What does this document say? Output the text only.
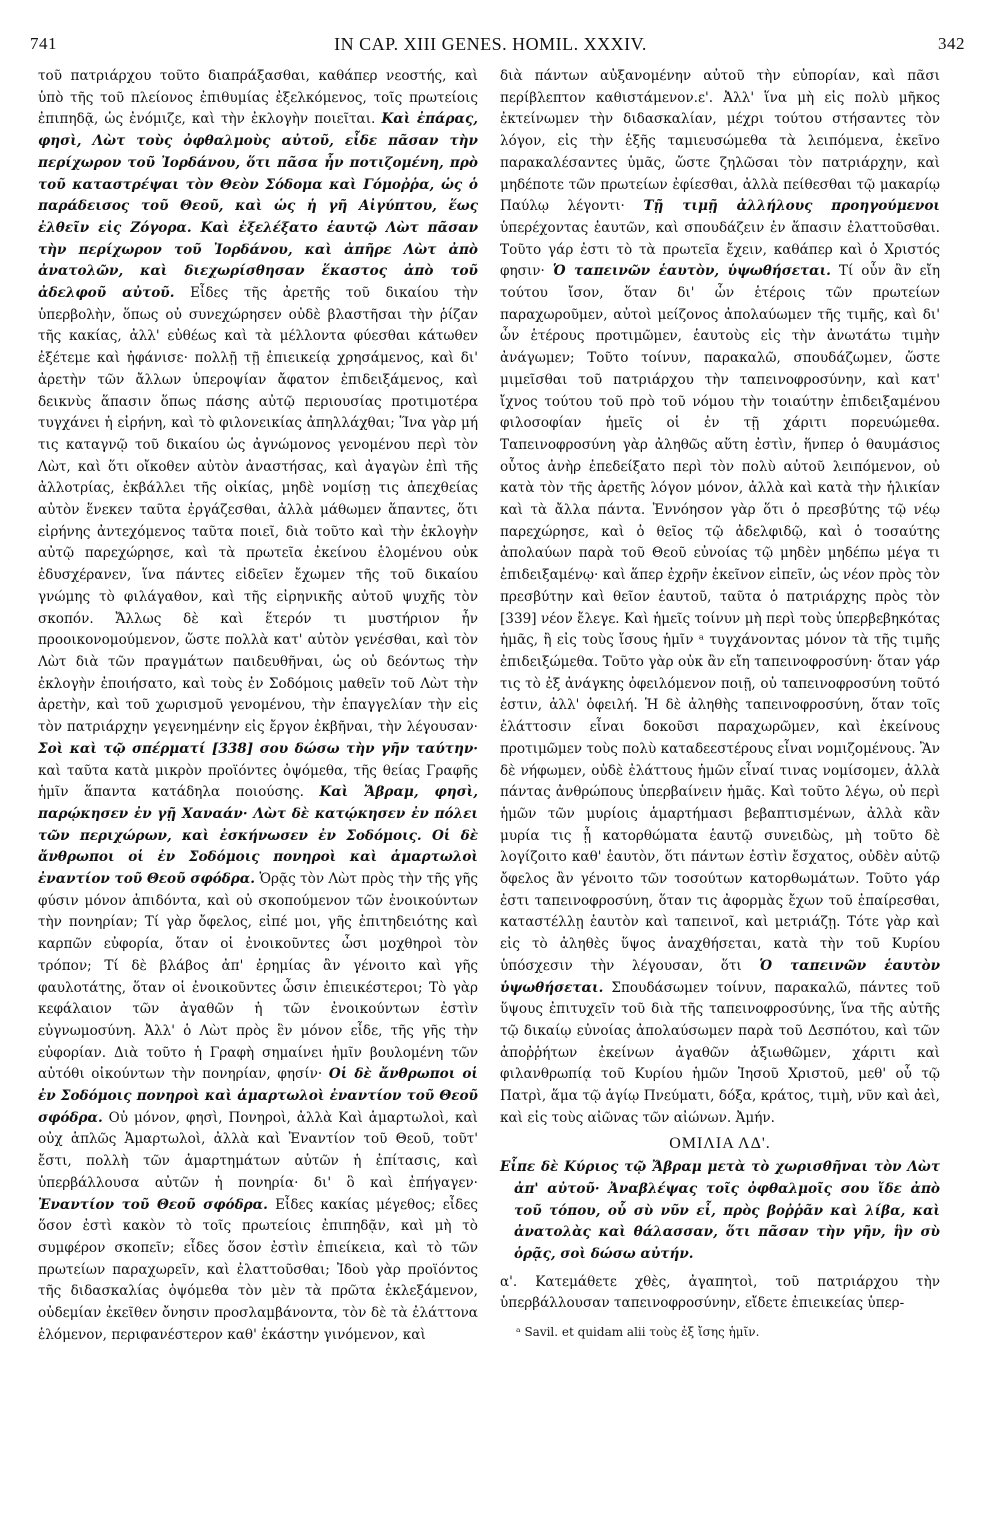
IN CAP. XIII GENES. HOMIL. XXXIV.
741	342

τοῦ πατριάρχου τοῦτο διαπράξασθαι, καθάπερ νεοστής, καὶ ὑπὸ τῆς τοῦ πλείονος ἐπιθυμίας ἐξελκόμενος, τοῖς πρωτείοις ἐπιπηδᾷ, ὡς ἐνόμιζε, καὶ τὴν ἐκλογὴν ποιεῖται. Καὶ ἐπάρας, φησὶ, Λὼτ τοὺς ὀφθαλμοὺς αὐτοῦ, εἶδε πᾶσαν τὴν περίχωρον τοῦ Ἰορδάνου, ὅτι πᾶσα ἦν ποτιζομένη, πρὸ τοῦ καταστρέψαι τὸν Θεὸν Σόδομα καὶ Γόμοῤῥα, ὡς ὁ παράδεισος τοῦ Θεοῦ, καὶ ὡς ἡ γῆ Αἰγύπτου, ἕως ἐλθεῖν εἰς Ζόγορα. Καὶ ἐξελέξατο ἑαυτῷ Λὼτ πᾶσαν τὴν περίχωρον τοῦ Ἰορδάνου, καὶ ἀπῆρε Λὼτ ἀπὸ ἀνατολῶν, καὶ διεχωρίσθησαν ἕκαστος ἀπὸ τοῦ ἀδελφοῦ αὐτοῦ. Εἶδες τῆς ἀρετῆς τοῦ δικαίου τὴν ὑπερβολὴν, ὅπως οὐ συνεχώρησεν οὐδὲ βλαστῆσαι τὴν ῥίζαν τῆς κακίας, ἀλλ' εὐθέως καὶ τὰ μέλλοντα φύεσθαι κάτωθεν ἐξέτεμε καὶ ἠφάνισε· πολλῇ τῇ ἐπιεικείᾳ χρησάμενος, καὶ δι' ἀρετὴν τῶν ἄλλων ὑπεροψίαν ἄφατον ἐπιδειξάμενος, καὶ δεικνὺς ἅπασιν ὅπως πάσης αὐτῷ περιουσίας προτιμοτέρα τυγχάνει ἡ εἰρήνη, καὶ τὸ φιλονεικίας ἀπηλλάχθαι; Ἵνα γὰρ μή τις καταγνῷ τοῦ δικαίου ὡς ἀγνώμονος γενομένου περὶ τὸν Λὼτ, καὶ ὅτι οἴκοθεν αὐτὸν ἀναστήσας, καὶ ἀγαγὼν ἐπὶ τῆς ἀλλοτρίας, ἐκβάλλει τῆς οἰκίας, μηδὲ νομίσῃ τις ἀπεχθείας αὐτὸν ἕνεκεν ταῦτα ἐργάζεσθαι, ἀλλὰ μάθωμεν ἅπαντες, ὅτι εἰρήνης ἀντεχόμενος ταῦτα ποιεῖ, διὰ τοῦτο καὶ τὴν ἐκλογὴν αὐτῷ παρεχώρησε, καὶ τὰ πρωτεῖα ἐκείνου ἑλομένου οὐκ ἐδυσχέρανεν, ἵνα πάντες εἰδεῖεν ἔχωμεν τῆς τοῦ δικαίου γνώμης τὸ φιλάγαθον, καὶ τῆς εἰρηνικῆς αὐτοῦ ψυχῆς τὸν σκοπόν. Ἄλλως δὲ καὶ ἕτερόν τι μυστήριον ἦν προοικονομούμενον, ὥστε πολλὰ κατ' αὐτὸν γενέσθαι, καὶ τὸν Λὼτ διὰ τῶν πραγμάτων παιδευθῆναι, ὡς οὐ δεόντως τὴν ἐκλογὴν ἐποιήσατο, καὶ τοὺς ἐν Σοδόμοις μαθεῖν τοῦ Λὼτ τὴν ἀρετὴν, καὶ τοῦ χωρισμοῦ γενομένου, τὴν ἐπαγγελίαν τὴν εἰς τὸν πατριάρχην γεγενημένην εἰς ἔργον ἐκβῆναι, τὴν λέγουσαν· Σοὶ καὶ τῷ σπέρματί [338] σου δώσω τὴν γῆν ταύτην· καὶ ταῦτα κατὰ μικρὸν προϊόντες ὀψόμεθα, τῆς θείας Γραφῆς ἡμῖν ἅπαντα κατάδηλα ποιούσης. Καὶ Ἄβραμ, φησὶ, παρῴκησεν ἐν γῇ Χαναάν· Λὼτ δὲ κατῴκησεν ἐν πόλει τῶν περιχώρων, καὶ ἐσκήνωσεν ἐν Σοδόμοις. Οἱ δὲ ἄνθρωποι οἱ ἐν Σοδόμοις πονηροὶ καὶ ἁμαρτωλοὶ ἐναντίον τοῦ Θεοῦ σφόδρα. Ὁρᾷς τὸν Λὼτ πρὸς τὴν τῆς γῆς φύσιν μόνον ἀπιδόντα, καὶ οὐ σκοπούμενον τῶν ἐνοικούντων τὴν πονηρίαν; Τί γὰρ ὄφελος, εἰπέ μοι, γῆς ἐπιτηδειότης καὶ καρπῶν εὐφορία, ὅταν οἱ ἐνοικοῦντες ὦσι μοχθηροὶ τὸν τρόπον; Τί δὲ βλάβος ἀπ' ἐρημίας ἂν γένοιτο καὶ γῆς φαυλοτάτης, ὅταν οἱ ἐνοικοῦντες ὦσιν ἐπιεικέστεροι; Τὸ γὰρ κεφάλαιον τῶν ἀγαθῶν ἡ τῶν ἐνοικούντων ἐστὶν εὐγνωμοσύνη. Ἀλλ' ὁ Λὼτ πρὸς ἓν μόνον εἶδε, τῆς γῆς τὴν εὐφορίαν. Διὰ τοῦτο ἡ Γραφὴ σημαίνει ἡμῖν βουλομένη τῶν αὐτόθι οἰκούντων τὴν πονηρίαν, φησίν· Οἱ δὲ ἄνθρωποι οἱ ἐν Σοδόμοις πονηροὶ καὶ ἁμαρτωλοὶ ἐναντίον τοῦ Θεοῦ σφόδρα. Οὐ μόνον, φησὶ, Πονηροὶ, ἀλλὰ Καὶ ἁμαρτωλοὶ, καὶ οὐχ ἁπλῶς Ἁμαρτωλοὶ, ἀλλὰ καὶ Ἐναντίον τοῦ Θεοῦ, τοῦτ' ἔστι, πολλὴ τῶν ἁμαρτημάτων αὐτῶν ἡ ἐπίτασις, καὶ ὑπερβάλλουσα αὐτῶν ἡ πονηρία· δι' ὃ καὶ ἐπήγαγεν· Ἐναντίον τοῦ Θεοῦ σφόδρα. Εἶδες κακίας μέγεθος; εἶδες ὅσον ἐστὶ κακὸν τὸ τοῖς πρωτείοις ἐπιπηδᾷν, καὶ μὴ τὸ συμφέρον σκοπεῖν; εἶδες ὅσον ἐστὶν ἐπιείκεια, καὶ τὸ τῶν πρωτείων παραχωρεῖν, καὶ ἐλαττοῦσθαι; Ἰδοὺ γὰρ προϊόντος τῆς διδασκαλίας ὀψόμεθα τὸν μὲν τὰ πρῶτα ἐκλεξάμενον, οὐδεμίαν ἐκεῖθεν ὄνησιν προσλαμβάνοντα, τὸν δὲ τὰ ἐλάττονα ἑλόμενον, περιφανέστερον καθ' ἑκάστην γινόμενον, καὶ

διὰ πάντων αὐξανομένην αὐτοῦ τὴν εὐπορίαν, καὶ πᾶσι περίβλεπτον καθιστάμενον.ε'. Ἀλλ' ἵνα μὴ εἰς πολὺ μῆκος ἐκτείνωμεν τὴν διδασκαλίαν, μέχρι τούτου στήσαντες τὸν λόγον, εἰς τὴν ἑξῆς ταμιευσώμεθα τὰ λειπόμενα, ἐκεῖνο παρακαλέσαντες ὑμᾶς, ὥστε ζηλῶσαι τὸν πατριάρχην, καὶ μηδέποτε τῶν πρωτείων ἐφίεσθαι, ἀλλὰ πείθεσθαι τῷ μακαρίῳ Παύλῳ λέγοντι· Τῇ τιμῇ ἀλλήλους προηγούμενοι ὑπερέχοντας ἑαυτῶν, καὶ σπουδάζειν ἐν ἅπασιν ἐλαττοῦσθαι. Τοῦτο γάρ ἐστι τὸ τὰ πρωτεῖα ἔχειν, καθάπερ καὶ ὁ Χριστός φησιν· Ὁ ταπεινῶν ἑαυτὸν, ὑψωθήσεται. Τί οὖν ἂν εἴη τούτου ἴσον, ὅταν δι' ὧν ἑτέροις τῶν πρωτείων παραχωροῦμεν, αὐτοὶ μείζονος ἀπολαύωμεν τῆς τιμῆς, καὶ δι' ὧν ἑτέρους προτιμῶμεν, ἑαυτοὺς εἰς τὴν ἀνωτάτω τιμὴν ἀνάγωμεν; Τοῦτο τοίνυν, παρακαλῶ, σπουδάζωμεν, ὥστε μιμεῖσθαι τοῦ πατριάρχου τὴν ταπεινοφροσύνην, καὶ κατ' ἴχνος τούτου τοῦ πρὸ τοῦ νόμου τὴν τοιαύτην ἐπιδειξαμένου φιλοσοφίαν ἡμεῖς οἱ ἐν τῇ χάριτι πορευώμεθα. Ταπεινοφροσύνη γὰρ ἀληθῶς αὕτη ἐστὶν, ἥνπερ ὁ θαυμάσιος οὗτος ἀνὴρ ἐπεδείξατο περὶ τὸν πολὺ αὐτοῦ λειπόμενον, οὐ κατὰ τὸν τῆς ἀρετῆς λόγον μόνον, ἀλλὰ καὶ κατὰ τὴν ἡλικίαν καὶ τὰ ἄλλα πάντα. Ἐννόησον γὰρ ὅτι ὁ πρεσβύτης τῷ νέῳ παρεχώρησε, καὶ ὁ θεῖος τῷ ἀδελφιδῷ, καὶ ὁ τοσαύτης ἀπολαύων παρὰ τοῦ Θεοῦ εὐνοίας τῷ μηδὲν μηδέπω μέγα τι ἐπιδειξαμένῳ· καὶ ἅπερ ἐχρῆν ἐκεῖνον εἰπεῖν, ὡς νέον πρὸς τὸν πρεσβύτην καὶ θεῖον ἑαυτοῦ, ταῦτα ὁ πατριάρχης πρὸς τὸν [339] νέον ἔλεγε. Καὶ ἡμεῖς τοίνυν μὴ περὶ τοὺς ὑπερβεβηκότας ἡμᾶς, ἢ εἰς τοὺς ἴσους ἡμῖν ᵃ τυγχάνοντας μόνον τὰ τῆς τιμῆς ἐπιδειξώμεθα. Τοῦτο γὰρ οὐκ ἂν εἴη ταπεινοφροσύνη· ὅταν γάρ τις τὸ ἐξ ἀνάγκης ὀφειλόμενον ποιῇ, οὐ ταπεινοφροσύνη τοῦτό ἐστιν, ἀλλ' ὀφειλή. Ἡ δὲ ἀληθὴς ταπεινοφροσύνη, ὅταν τοῖς ἐλάττοσιν εἶναι δοκοῦσι παραχωρῶμεν, καὶ ἐκείνους προτιμῶμεν τοὺς πολὺ καταδεεστέρους εἶναι νομιζομένους. Ἂν δὲ νήφωμεν, οὐδὲ ἐλάττους ἡμῶν εἶναί τινας νομίσομεν, ἀλλὰ πάντας ἀνθρώπους ὑπερβαίνειν ἡμᾶς. Καὶ τοῦτο λέγω, οὐ περὶ ἡμῶν τῶν μυρίοις ἁμαρτήμασι βεβαπτισμένων, ἀλλὰ κἂν μυρία τις ᾖ κατορθώματα ἑαυτῷ συνειδὼς, μὴ τοῦτο δὲ λογίζοιτο καθ' ἑαυτὸν, ὅτι πάντων ἐστὶν ἔσχατος, οὐδὲν αὐτῷ ὄφελος ἂν γένοιτο τῶν τοσούτων κατορθωμάτων. Τοῦτο γάρ ἐστι ταπεινοφροσύνη, ὅταν τις ἀφορμὰς ἔχων τοῦ ἐπαίρεσθαι, καταστέλλῃ ἑαυτὸν καὶ ταπεινοῖ, καὶ μετριάζῃ. Τότε γὰρ καὶ εἰς τὸ ἀληθὲς ὕψος ἀναχθήσεται, κατὰ τὴν τοῦ Κυρίου ὑπόσχεσιν τὴν λέγουσαν, ὅτι Ὁ ταπεινῶν ἑαυτὸν ὑψωθήσεται. Σπουδάσωμεν τοίνυν, παρακαλῶ, πάντες τοῦ ὕψους ἐπιτυχεῖν τοῦ διὰ τῆς ταπεινοφροσύνης, ἵνα τῆς αὐτῆς τῷ δικαίῳ εὐνοίας ἀπολαύσωμεν παρὰ τοῦ Δεσπότου, καὶ τῶν ἀποῤῥήτων ἐκείνων ἀγαθῶν ἀξιωθῶμεν, χάριτι καὶ φιλανθρωπίᾳ τοῦ Κυρίου ἡμῶν Ἰησοῦ Χριστοῦ, μεθ' οὗ τῷ Πατρὶ, ἅμα τῷ ἁγίῳ Πνεύματι, δόξα, κράτος, τιμὴ, νῦν καὶ ἀεὶ, καὶ εἰς τοὺς αἰῶνας τῶν αἰώνων. Ἀμήν.

ΟΜΙΛΙΑ ΛΔ'.

Εἶπε δὲ Κύριος τῷ Ἄβραμ μετὰ τὸ χωρισθῆναι τὸν Λὼτ ἀπ' αὐτοῦ· Ἀναβλέψας τοῖς ὀφθαλμοῖς σου ἴδε ἀπὸ τοῦ τόπου, οὗ σὺ νῦν εἶ, πρὸς βοῤῥᾶν καὶ λίβα, καὶ ἀνατολὰς καὶ θάλασσαν, ὅτι πᾶσαν τὴν γῆν, ἣν σὺ ὁρᾷς, σοὶ δώσω αὐτήν.

α'. Κατεμάθετε χθὲς, ἀγαπητοὶ, τοῦ πατριάρχου τὴν ὑπερβάλλουσαν ταπεινοφροσύνην, εἴδετε ἐπιεικείας ὑπερ-

ᵃ Savil. et quidam alii τοὺς ἐξ ἴσης ἡμῖν.
